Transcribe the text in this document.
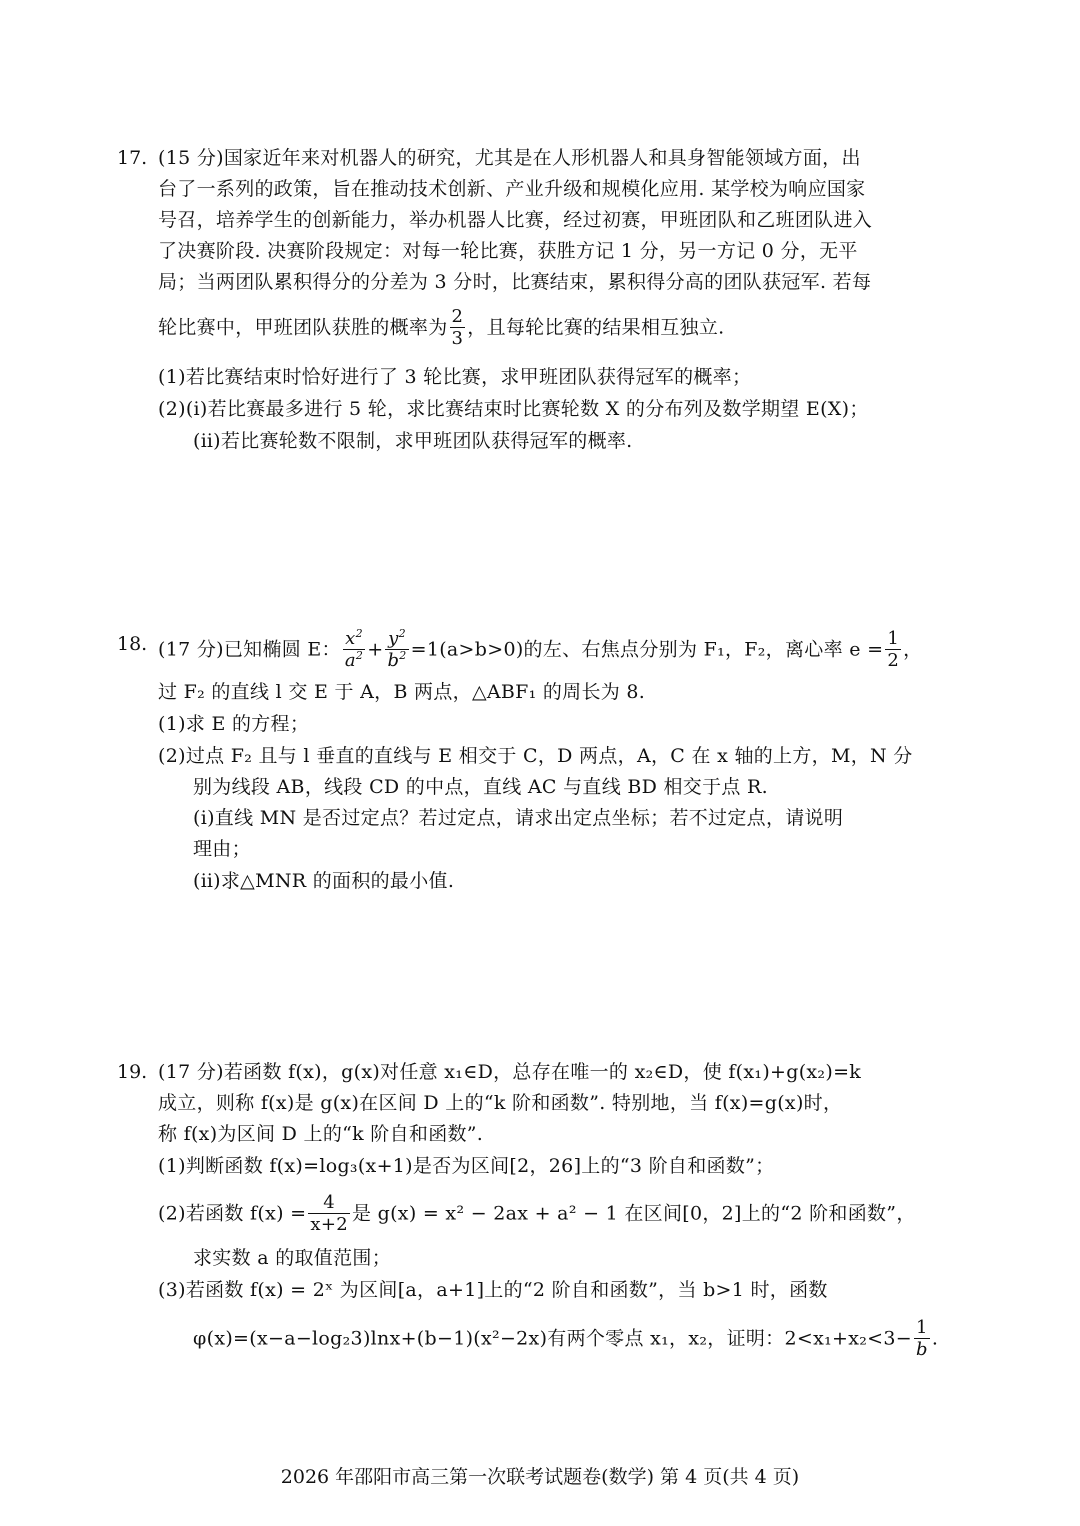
17. (15 分)国家近年来对机器人的研究，尤其是在人形机器人和具身智能领域方面，出
台了一系列的政策，旨在推动技术创新、产业升级和规模化应用. 某学校为响应国家
号召，培养学生的创新能力，举办机器人比赛，经过初赛，甲班团队和乙班团队进入
了决赛阶段. 决赛阶段规定：对每一轮比赛，获胜方记 1 分，另一方记 0 分，无平
局；当两团队累积得分的分差为 3 分时，比赛结束，累积得分高的团队获冠军. 若每
轮比赛中，甲班团队获胜的概率为 $\frac{2}{3}$ ，且每轮比赛的结果相互独立.
(1)若比赛结束时恰好进行了 3 轮比赛，求甲班团队获得冠军的概率；
(2)(ⅰ)若比赛最多进行 5 轮，求比赛结束时比赛轮数 X 的分布列及数学期望 E(X)；
(ⅱ)若比赛轮数不限制，求甲班团队获得冠军的概率.
18. (17 分)已知椭圆 E： $\frac{x^2}{a^2} + \frac{y^2}{b^2} =1(a>b>0)$的左、右焦点分别为 F₁，F₂，离心率 $e = \frac{1}{2}$ ，
过 F₂ 的直线 l 交 E 于 A，B 两点，△ABF₁ 的周长为 8.
(1)求 E 的方程；
(2)过点 F₂ 且与 l 垂直的直线与 E 相交于 C，D 两点，A，C 在 x 轴的上方，M，N 分
别为线段 AB，线段 CD 的中点，直线 AC 与直线 BD 相交于点 R.
(ⅰ)直线 MN 是否过定点？若过定点，请求出定点坐标；若不过定点，请说明
理由；
(ⅱ)求△MNR 的面积的最小值.
19. (17 分)若函数 f(x)，g(x)对任意 x₁∈D，总存在唯一的 x₂∈D，使 f(x₁)+g(x₂)=k
成立，则称 f(x)是 g(x)在区间 D 上的“k 阶和函数”. 特别地，当 f(x)=g(x)时，
称 f(x)为区间 D 上的“k 阶自和函数”.
(1)判断函数 f(x)=log₃(x+1)是否为区间[2，26]上的“3 阶自和函数”；
(2)若函数 $f(x) = \frac{4}{x+2}$ 是 g(x) = x² − 2ax + a² − 1 在区间[0，2]上的“2 阶和函数”，
求实数 a 的取值范围；
(3)若函数 f(x) = 2ˣ 为区间[a，a+1]上的“2 阶自和函数”，当 b>1 时，函数
φ(x)=(x−a−log₂3)lnx+(b−1)(x²−2x)有两个零点 x₁，x₂，证明：$2<x_1+x_2<3- \frac{1}{b}$ .
2026 年邵阳市高三第一次联考试题卷(数学) 第 4 页(共 4 页)
